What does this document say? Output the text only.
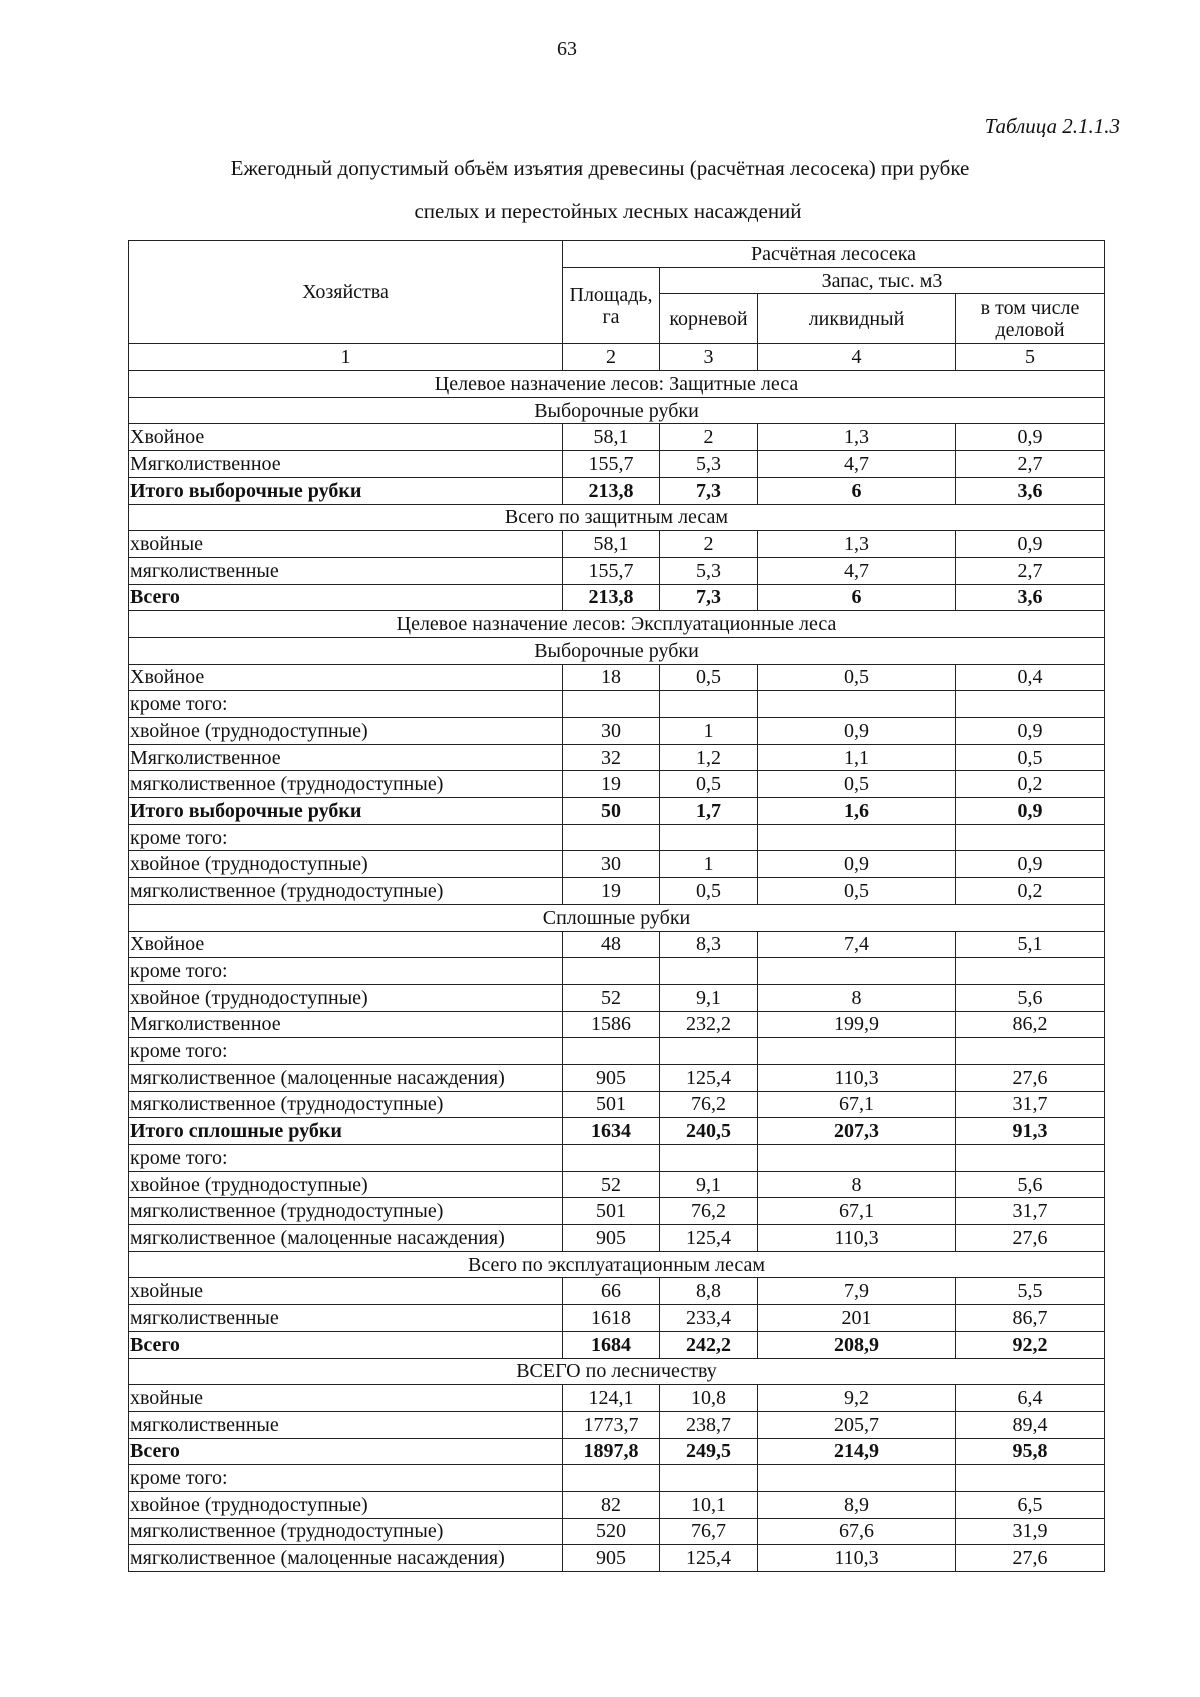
63
Таблица 2.1.1.3
Ежегодный допустимый объём изъятия древесины (расчётная лесосека) при рубке
спелых и перестойных лесных насаждений
Хозяйства	Расчётная лесосека			
	Площадь, га	Запас, тыс. м3		
		корневой	ликвидный	в том числе деловой
1	2	3	4	5
Целевое назначение лесов: Защитные леса				
Выборочные рубки				
Хвойное	58,1	2	1,3	0,9
Мягколиственное	155,7	5,3	4,7	2,7
Итого выборочные рубки	213,8	7,3	6	3,6
Всего по защитным лесам				
хвойные	58,1	2	1,3	0,9
мягколиственные	155,7	5,3	4,7	2,7
Всего	213,8	7,3	6	3,6
Целевое назначение лесов: Эксплуатационные леса				
Выборочные рубки				
Хвойное	18	0,5	0,5	0,4
кроме того:				
хвойное (труднодоступные)	30	1	0,9	0,9
Мягколиственное	32	1,2	1,1	0,5
мягколиственное (труднодоступные)	19	0,5	0,5	0,2
Итого выборочные рубки	50	1,7	1,6	0,9
кроме того:				
хвойное (труднодоступные)	30	1	0,9	0,9
мягколиственное (труднодоступные)	19	0,5	0,5	0,2
Сплошные рубки				
Хвойное	48	8,3	7,4	5,1
кроме того:				
хвойное (труднодоступные)	52	9,1	8	5,6
Мягколиственное	1586	232,2	199,9	86,2
кроме того:				
мягколиственное (малоценные насаждения)	905	125,4	110,3	27,6
мягколиственное (труднодоступные)	501	76,2	67,1	31,7
Итого сплошные рубки	1634	240,5	207,3	91,3
кроме того:				
хвойное (труднодоступные)	52	9,1	8	5,6
мягколиственное (труднодоступные)	501	76,2	67,1	31,7
мягколиственное (малоценные насаждения)	905	125,4	110,3	27,6
Всего по эксплуатационным лесам				
хвойные	66	8,8	7,9	5,5
мягколиственные	1618	233,4	201	86,7
Всего	1684	242,2	208,9	92,2
ВСЕГО по лесничеству				
хвойные	124,1	10,8	9,2	6,4
мягколиственные	1773,7	238,7	205,7	89,4
Всего	1897,8	249,5	214,9	95,8
кроме того:				
хвойное (труднодоступные)	82	10,1	8,9	6,5
мягколиственное (труднодоступные)	520	76,7	67,6	31,9
мягколиственное (малоценные насаждения)	905	125,4	110,3	27,6
